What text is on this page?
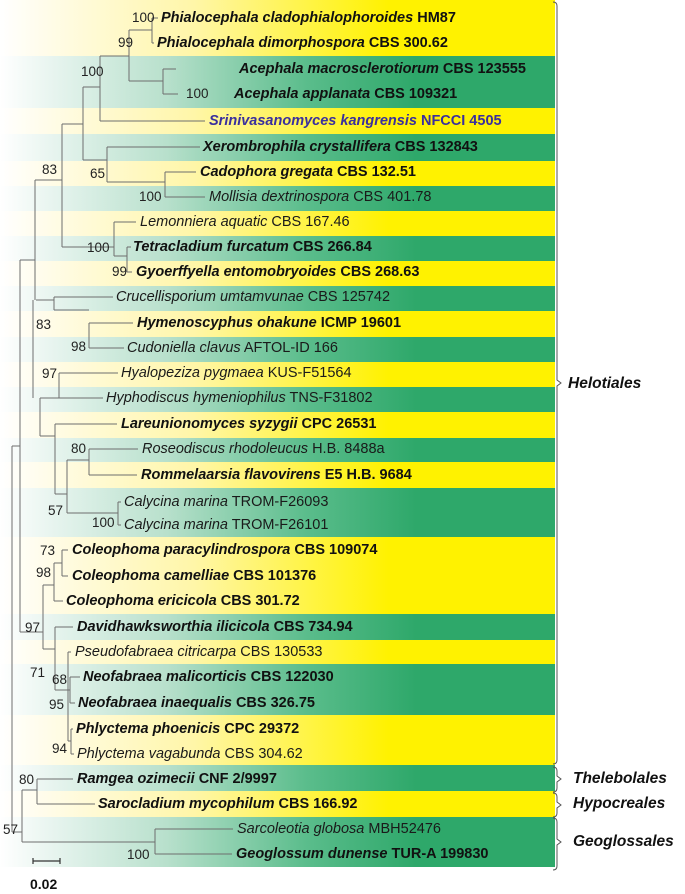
Phialocephala cladophialophoroides HM87
Phialocephala dimorphospora CBS 300.62
Acephala macrosclerotiorum CBS 123555
Acephala applanata CBS 109321
Srinivasanomyces kangrensis NFCCI 4505
Xerombrophila crystallifera CBS 132843
Cadophora gregata CBS 132.51
Mollisia dextrinospora CBS 401.78
Lemonniera aquatic CBS 167.46
Tetracladium furcatum CBS 266.84
Gyoerffyella entomobryoides CBS 268.63
Crucellisporium umtamvunae CBS 125742
Hymenoscyphus ohakune ICMP 19601
Cudoniella clavus AFTOL-ID 166
Hyalopeziza pygmaea KUS-F51564
Hyphodiscus hymeniophilus TNS-F31802
Lareunionomyces syzygii CPC 26531
Roseodiscus rhodoleucus H.B. 8488a
Rommelaarsia flavovirens E5 H.B. 9684
Calycina marina TROM-F26093
Calycina marina TROM-F26101
Coleophoma paracylindrospora CBS 109074
Coleophoma camelliae CBS 101376
Coleophoma ericicola CBS 301.72
Davidhawksworthia ilicicola CBS 734.94
Pseudofabraea citricarpa CBS 130533
Neofabraea malicorticis CBS 122030
Neofabraea inaequalis CBS 326.75
Phlyctema phoenicis CPC 29372
Phlyctema vagabunda CBS 304.62
Ramgea ozimecii CNF 2/9997
Sarocladium mycophilum CBS 166.92
Sarcoleotia globosa MBH52476
Geoglossum dunense TUR-A 199830
100
99
100
100
83 65
100
100
99
83
98
97
80
57
100
73
98
97
71 68
95
94
80
57
100
Helotiales
Thelebolales
Hypocreales
Geoglossales
0.02
